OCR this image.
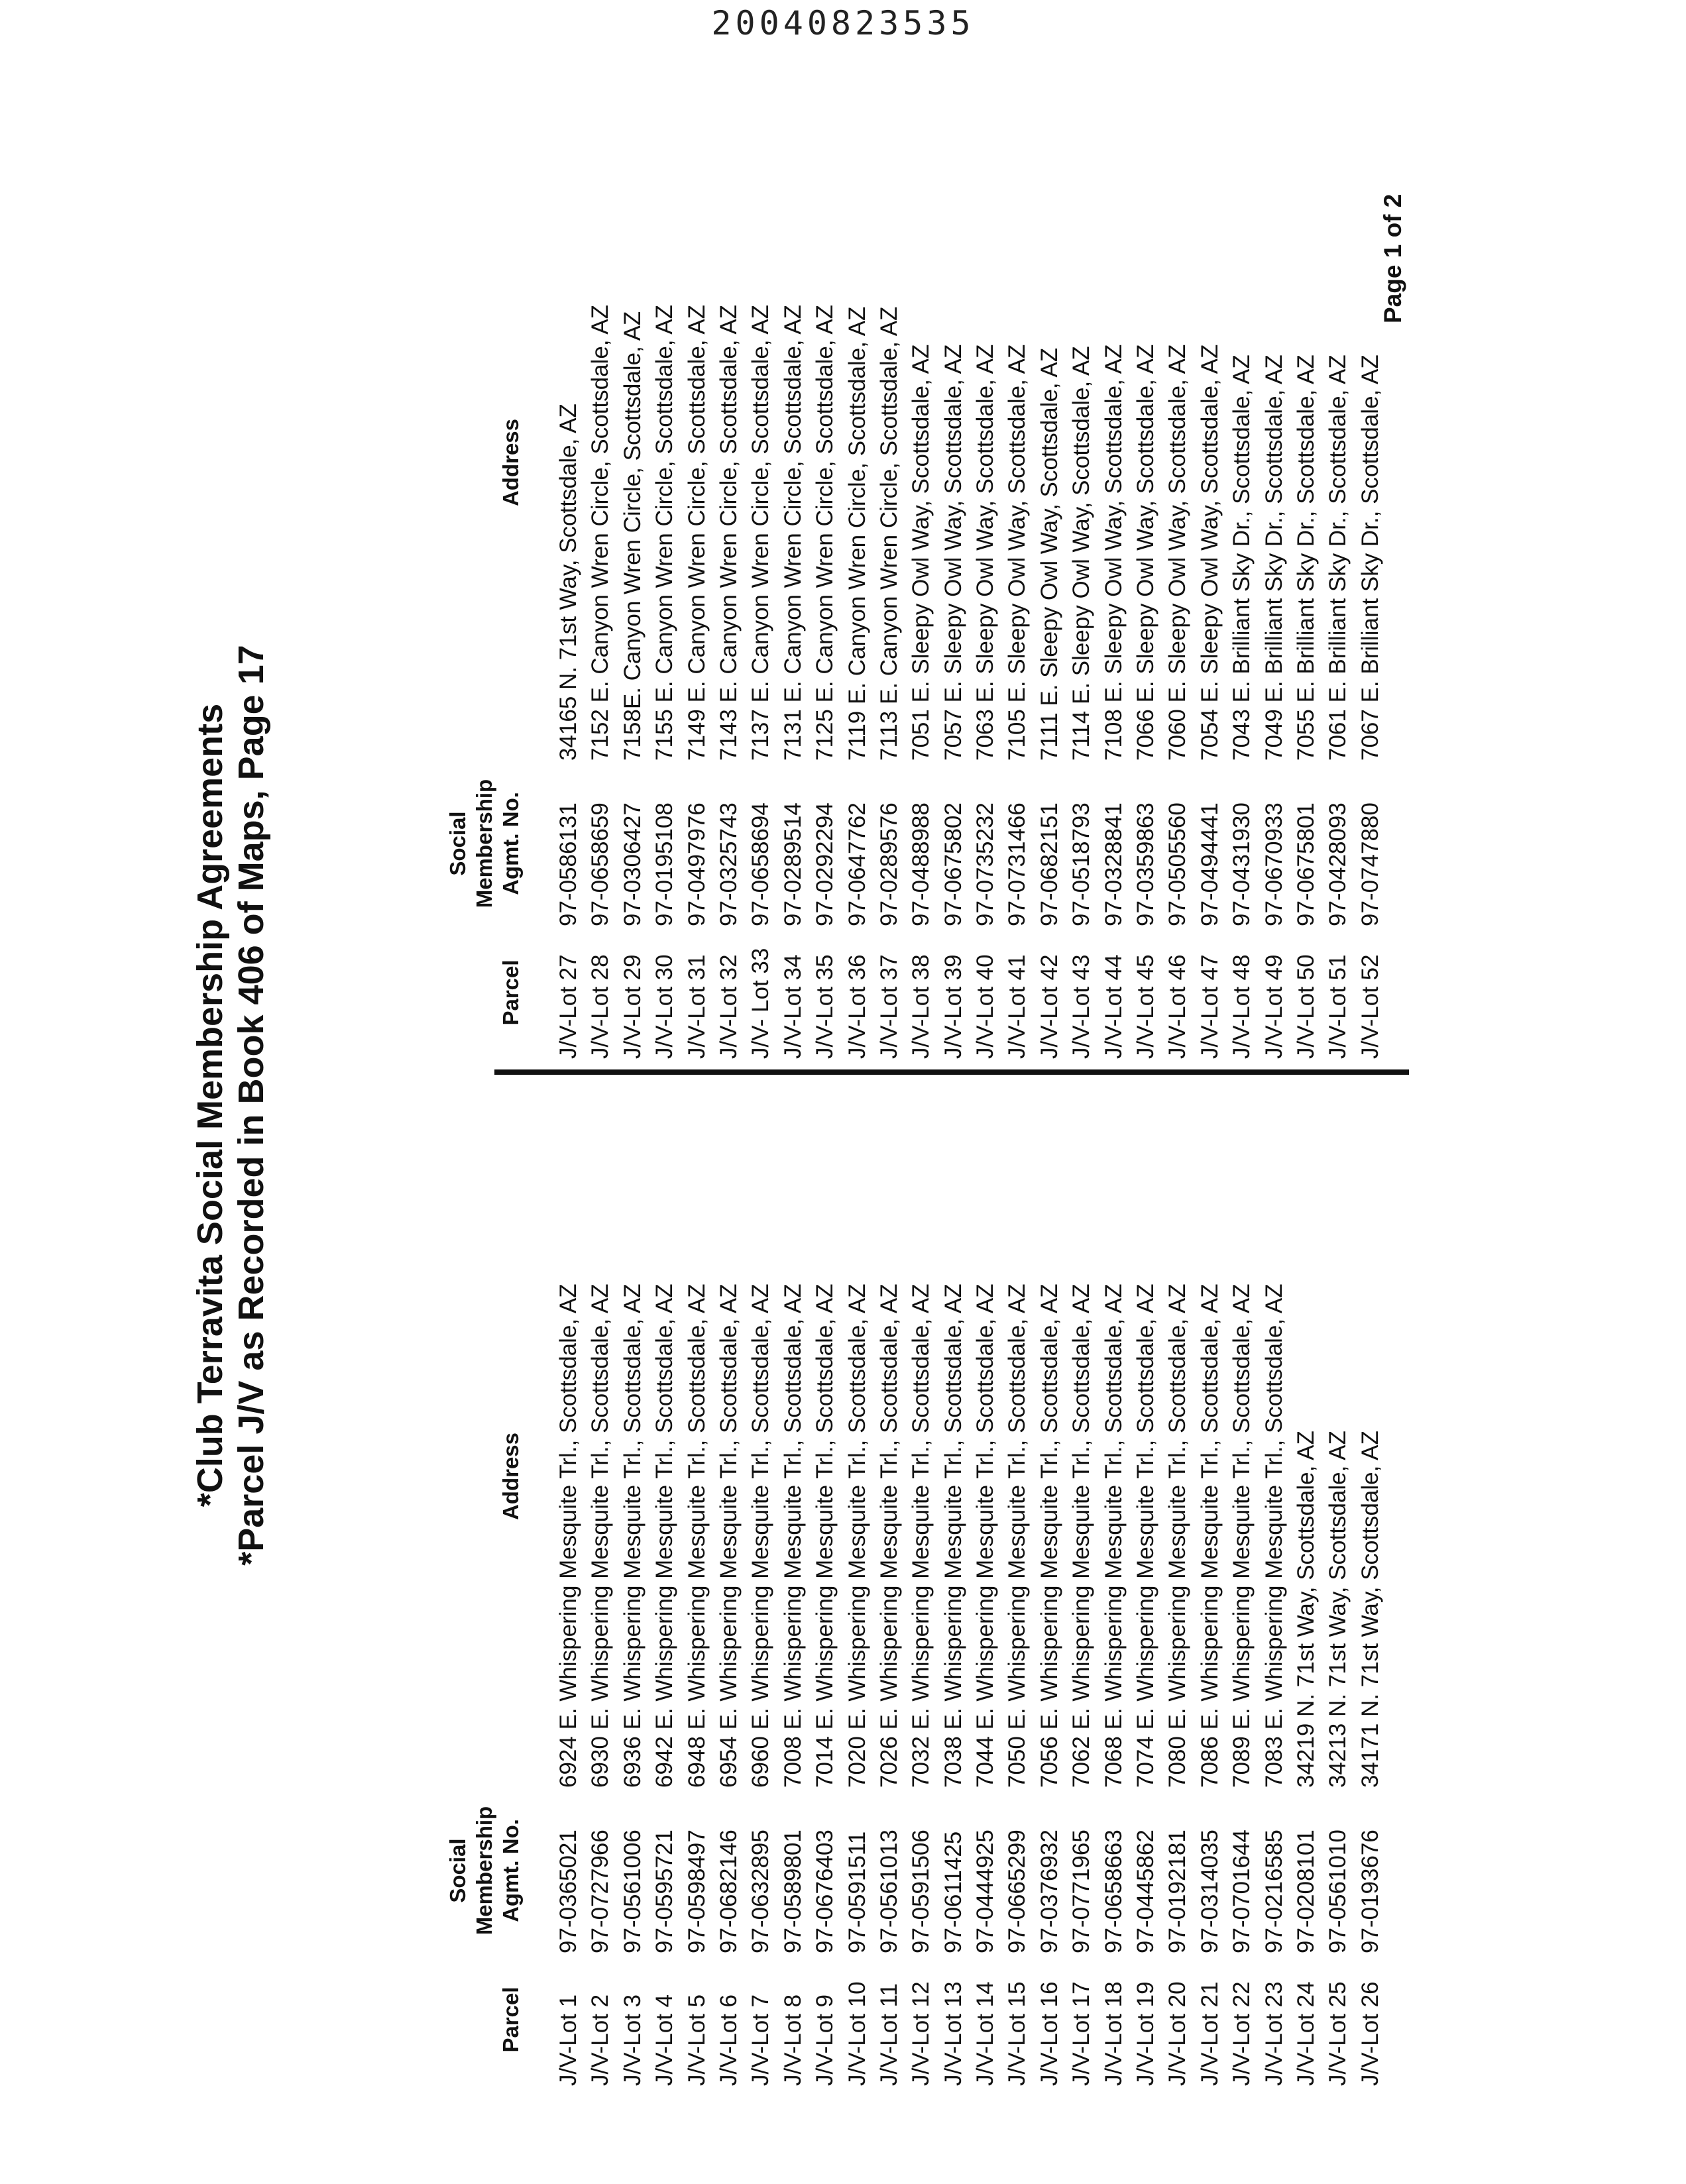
20040823535
*Club Terravita Social Membership Agreements *Parcel J/V as Recorded in Book 406 of Maps, Page 17
Parcel
Social Membership Agmt. No.
Address
Parcel
Social Membership Agmt. No.
Address
J/V-Lot 197-03650216924 E. Whispering Mesquite Trl., Scottsdale, AZ
J/V-Lot 297-07279666930 E. Whispering Mesquite Trl., Scottsdale, AZ
J/V-Lot 397-05610066936 E. Whispering Mesquite Trl., Scottsdale, AZ
J/V-Lot 497-05957216942 E. Whispering Mesquite Trl., Scottsdale, AZ
J/V-Lot 597-05984976948 E. Whispering Mesquite Trl., Scottsdale, AZ
J/V-Lot 697-06821466954 E. Whispering Mesquite Trl., Scottsdale, AZ
J/V-Lot 797-06328956960 E. Whispering Mesquite Trl., Scottsdale, AZ
J/V-Lot 897-05898017008 E. Whispering Mesquite Trl., Scottsdale, AZ
J/V-Lot 997-06764037014 E. Whispering Mesquite Trl., Scottsdale, AZ
J/V-Lot 1097-05915117020 E. Whispering Mesquite Trl., Scottsdale, AZ
J/V-Lot 1197-05610137026 E. Whispering Mesquite Trl., Scottsdale, AZ
J/V-Lot 1297-05915067032 E. Whispering Mesquite Trl., Scottsdale, AZ
J/V-Lot 1397-06114257038 E. Whispering Mesquite Trl., Scottsdale, AZ
J/V-Lot 1497-04449257044 E. Whispering Mesquite Trl., Scottsdale, AZ
J/V-Lot 1597-06652997050 E. Whispering Mesquite Trl., Scottsdale, AZ
J/V-Lot 1697-03769327056 E. Whispering Mesquite Trl., Scottsdale, AZ
J/V-Lot 1797-07719657062 E. Whispering Mesquite Trl., Scottsdale, AZ
J/V-Lot 1897-06586637068 E. Whispering Mesquite Trl., Scottsdale, AZ
J/V-Lot 1997-04458627074 E. Whispering Mesquite Trl., Scottsdale, AZ
J/V-Lot 2097-01921817080 E. Whispering Mesquite Trl., Scottsdale, AZ
J/V-Lot 2197-03140357086 E. Whispering Mesquite Trl., Scottsdale, AZ
J/V-Lot 2297-07016447089 E. Whispering Mesquite Trl., Scottsdale, AZ
J/V-Lot 2397-02165857083 E. Whispering Mesquite Trl., Scottsdale, AZ
J/V-Lot 2497-020810134219 N. 71st Way, Scottsdale, AZ
J/V-Lot 2597-056101034213 N. 71st Way, Scottsdale, AZ
J/V-Lot 2697-019367634171 N. 71st Way, Scottsdale, AZ
J/V-Lot 2797-058613134165 N. 71st Way, Scottsdale, AZ
J/V-Lot 2897-06586597152 E. Canyon Wren Circle, Scottsdale, AZ
J/V-Lot 2997-03064277158E. Canyon Wren Circle, Scottsdale, AZ
J/V-Lot 3097-01951087155 E. Canyon Wren Circle, Scottsdale, AZ
J/V-Lot 3197-04979767149 E. Canyon Wren Circle, Scottsdale, AZ
J/V-Lot 3297-03257437143 E. Canyon Wren Circle, Scottsdale, AZ
J/V- Lot 3397-06586947137 E. Canyon Wren Circle, Scottsdale, AZ
J/V-Lot 3497-02895147131 E. Canyon Wren Circle, Scottsdale, AZ
J/V-Lot 3597-02922947125 E. Canyon Wren Circle, Scottsdale, AZ
J/V-Lot 3697-06477627119 E. Canyon Wren Circle, Scottsdale, AZ
J/V-Lot 3797-02895767113 E. Canyon Wren Circle, Scottsdale, AZ
J/V-Lot 3897-04889887051 E. Sleepy Owl Way, Scottsdale, AZ
J/V-Lot 3997-06758027057 E. Sleepy Owl Way, Scottsdale, AZ
J/V-Lot 4097-07352327063 E. Sleepy Owl Way, Scottsdale, AZ
J/V-Lot 4197-07314667105 E. Sleepy Owl Way, Scottsdale, AZ
J/V-Lot 4297-06821517111 E. Sleepy Owl Way, Scottsdale, AZ
J/V-Lot 4397-05187937114 E. Sleepy Owl Way, Scottsdale, AZ
J/V-Lot 4497-03288417108 E. Sleepy Owl Way, Scottsdale, AZ
J/V-Lot 4597-03598637066 E. Sleepy Owl Way, Scottsdale, AZ
J/V-Lot 4697-05055607060 E. Sleepy Owl Way, Scottsdale, AZ
J/V-Lot 4797-04944417054 E. Sleepy Owl Way, Scottsdale, AZ
J/V-Lot 4897-04319307043 E. Brilliant Sky Dr., Scottsdale, AZ
J/V-Lot 4997-06709337049 E. Brilliant Sky Dr., Scottsdale, AZ
J/V-Lot 5097-06758017055 E. Brilliant Sky Dr., Scottsdale, AZ
J/V-Lot 5197-04280937061 E. Brilliant Sky Dr., Scottsdale, AZ
J/V-Lot 5297-07478807067 E. Brilliant Sky Dr., Scottsdale, AZ
Page 1 of 2
